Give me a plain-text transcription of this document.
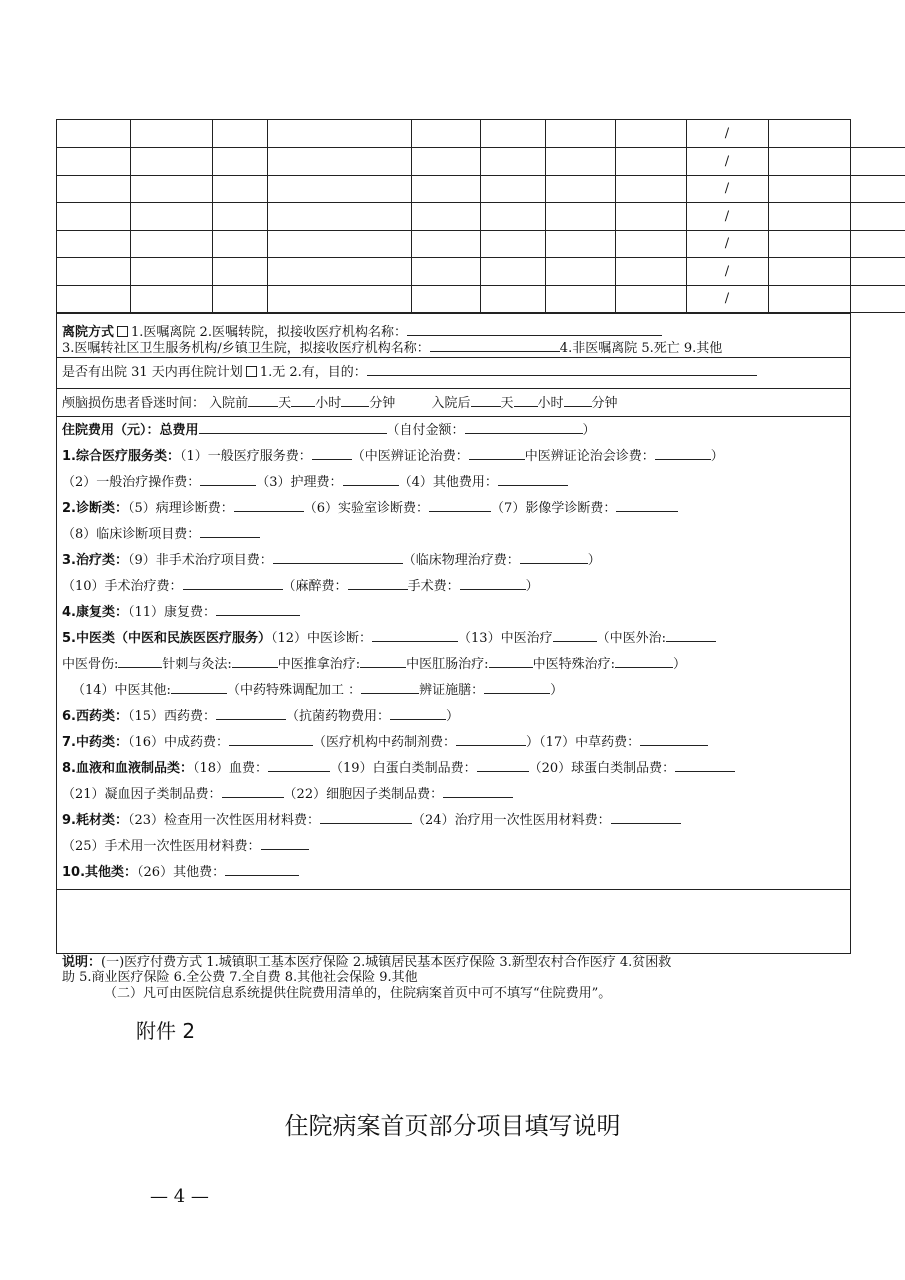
								/		
								/		
								/		
								/		
								/		
								/		
								/		
离院方式 1.医嘱离院 2.医嘱转院，拟接收医疗机构名称：
3.医嘱转社区卫生服务机构/乡镇卫生院，拟接收医疗机构名称：	4.非医嘱离院 5.死亡 9.其他
是否有出院 31 天内再住院计划 1.无 2.有，目的：
颅脑损伤患者昏迷时间： 入院前 天 小时 分钟	入院后 天 小时 分钟
住院费用（元）：总费用	（自付金额：	）
1.综合医疗服务类：（1）一般医疗服务费：	（中医辨证论治费：	中医辨证论治会诊费：	）
（2）一般治疗操作费：	（3）护理费：	（4）其他费用：
2.诊断类：（5）病理诊断费：	（6）实验室诊断费：	（7）影像学诊断费：
（8）临床诊断项目费：
3.治疗类：（9）非手术治疗项目费：	（临床物理治疗费：	）
（10）手术治疗费：	（麻醉费：	手术费：	）
4.康复类：（11）康复费：
5.中医类（中医和民族医医疗服务）（12）中医诊断：	（13）中医治疗	（中医外治:
中医骨伤:	针刺与灸法:	中医推拿治疗:	中医肛肠治疗:	中医特殊治疗:	）
（14）中医其他:	（中药特殊调配加工 ：	辨证施膳：	）
6.西药类：（15）西药费：	（抗菌药物费用：	）
7.中药类：（16）中成药费：	（医疗机构中药制剂费：	）（17）中草药费：
8.血液和血液制品类：（18）血费：	（19）白蛋白类制品费：	（20）球蛋白类制品费：
（21）凝血因子类制品费：	（22）细胞因子类制品费：
9.耗材类：（23）检查用一次性医用材料费：	（24）治疗用一次性医用材料费：
（25）手术用一次性医用材料费：
10.其他类：（26）其他费：
说明：(一)医疗付费方式 1.城镇职工基本医疗保险 2.城镇居民基本医疗保险 3.新型农村合作医疗 4.贫困救
助 5.商业医疗保险 6.全公费 7.全自费 8.其他社会保险 9.其他
（二）凡可由医院信息系统提供住院费用清单的，住院病案首页中可不填写“住院费用”。
附件 2
住院病案首页部分项目填写说明
— 4 —
